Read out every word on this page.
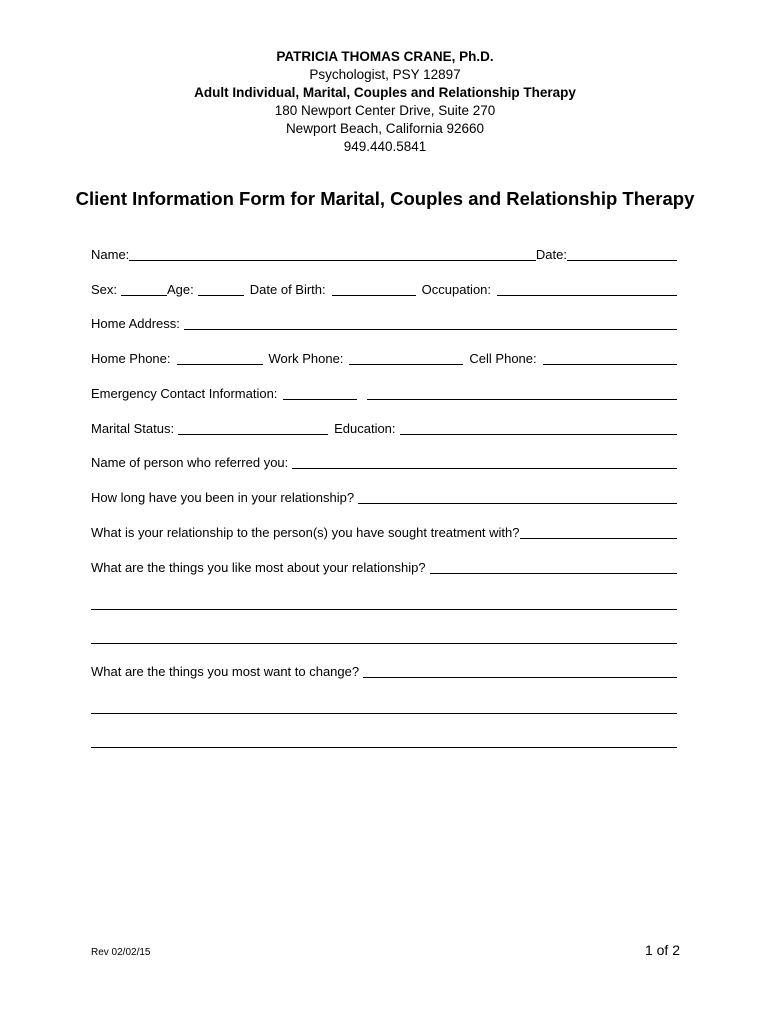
PATRICIA THOMAS CRANE, Ph.D.
Psychologist, PSY 12897
Adult Individual, Marital, Couples and Relationship Therapy
180 Newport Center Drive, Suite 270
Newport Beach, California 92660
949.440.5841
Client Information Form for Marital, Couples and Relationship Therapy
Name:	Date:
Sex:	Age:	Date of Birth:	Occupation:
Home Address:
Home Phone:	Work Phone:	Cell Phone:
Emergency Contact Information:
Marital Status:	Education:
Name of person who referred you:
How long have you been in your relationship?
What is your relationship to the person(s) you have sought treatment with?
What are the things you like most about your relationship?
What are the things you most want to change?
Rev 02/02/15	1 of 2
